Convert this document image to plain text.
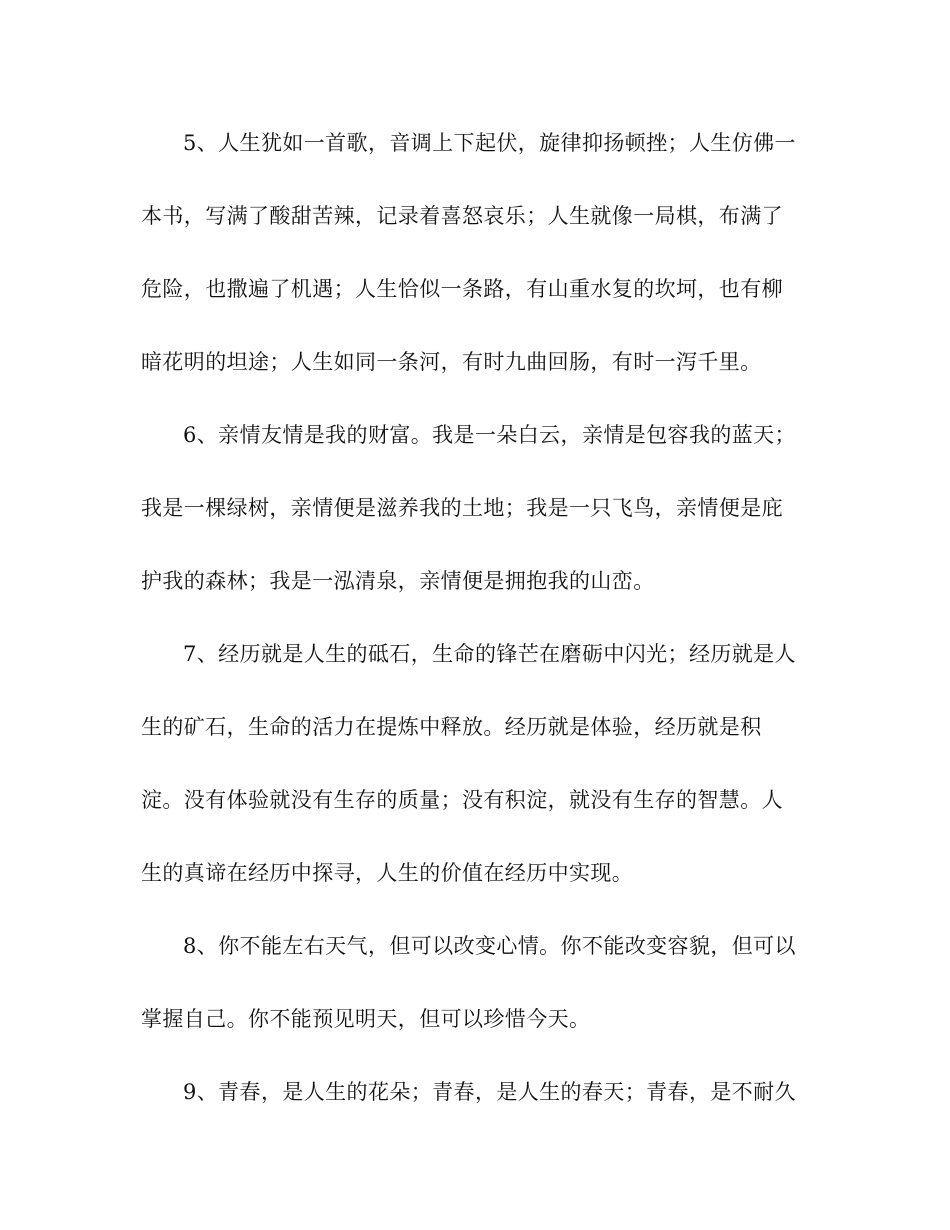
5、人生犹如一首歌，音调上下起伏，旋律抑扬顿挫；人生仿佛一
本书，写满了酸甜苦辣，记录着喜怒哀乐；人生就像一局棋，布满了
危险，也撒遍了机遇；人生恰似一条路，有山重水复的坎坷，也有柳
暗花明的坦途；人生如同一条河，有时九曲回肠，有时一泻千里。
6、亲情友情是我的财富。我是一朵白云，亲情是包容我的蓝天；
我是一棵绿树，亲情便是滋养我的土地；我是一只飞鸟，亲情便是庇
护我的森林；我是一泓清泉，亲情便是拥抱我的山峦。
7、经历就是人生的砥石，生命的锋芒在磨砺中闪光；经历就是人
生的矿石，生命的活力在提炼中释放。经历就是体验，经历就是积
淀。没有体验就没有生存的质量；没有积淀，就没有生存的智慧。人
生的真谛在经历中探寻，人生的价值在经历中实现。
8、你不能左右天气，但可以改变心情。你不能改变容貌，但可以
掌握自己。你不能预见明天，但可以珍惜今天。
9、青春，是人生的花朵；青春，是人生的春天；青春，是不耐久
